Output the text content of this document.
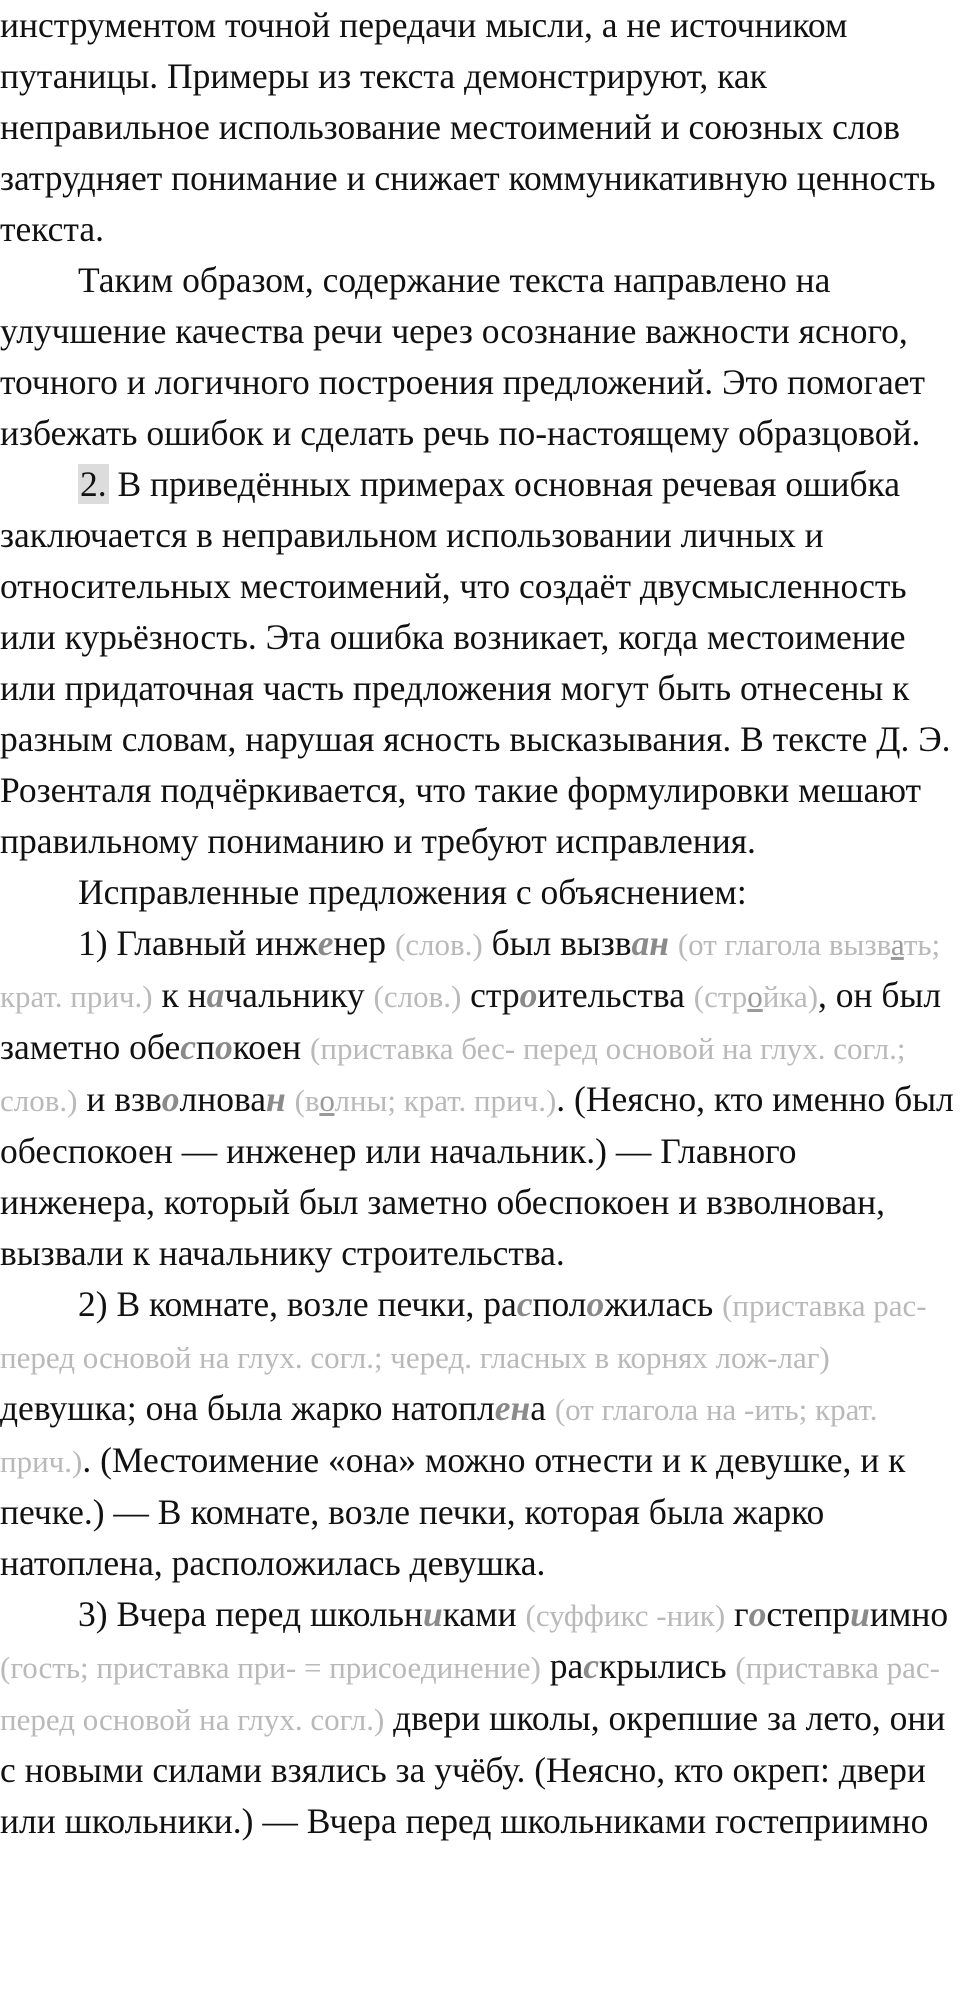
инструментом точной передачи мысли, а не источником путаницы. Примеры из текста демонстрируют, как неправильное использование местоимений и союзных слов затрудняет понимание и снижает коммуникативную ценность текста.

Таким образом, содержание текста направлено на улучшение качества речи через осознание важности ясного, точного и логичного построения предложений. Это помогает избежать ошибок и сделать речь по-настоящему образцовой.

2. В приведённых примерах основная речевая ошибка заключается в неправильном использовании личных и относительных местоимений, что создаёт двусмысленность или курьёзность. Эта ошибка возникает, когда местоимение или придаточная часть предложения могут быть отнесены к разным словам, нарушая ясность высказывания. В тексте Д. Э. Розенталя подчёркивается, что такие формулировки мешают правильному пониманию и требуют исправления.

Исправленные предложения с объяснением:

1) Главный инженер (слов.) был вызван (от глагола вызвать; крат. прич.) к начальнику (слов.) строительства (стройка), он был заметно обеспокоен (приставка бес- перед основой на глух. согл.; слов.) и взволнован (волны; крат. прич.). (Неясно, кто именно был обеспокоен — инженер или начальник.) — Главного инженера, который был заметно обеспокоен и взволнован, вызвали к начальнику строительства.

2) В комнате, возле печки, расположилась (приставка рас- перед основой на глух. согл.; черед. гласных в корнях лож-лаг) девушка; она была жарко натоплена (от глагола на -ить; крат. прич.). (Местоимение «она» можно отнести и к девушке, и к печке.) — В комнате, возле печки, которая была жарко натоплена, расположилась девушка.

3) Вчера перед школьниками (суффикс -ник) гостеприимно (гость; приставка при- = присоединение) раскрылись (приставка рас- перед основой на глух. согл.) двери школы, окрепшие за лето, они с новыми силами взялись за учёбу. (Неясно, кто окреп: двери или школьники.) — Вчера перед школьниками гостеприимно
